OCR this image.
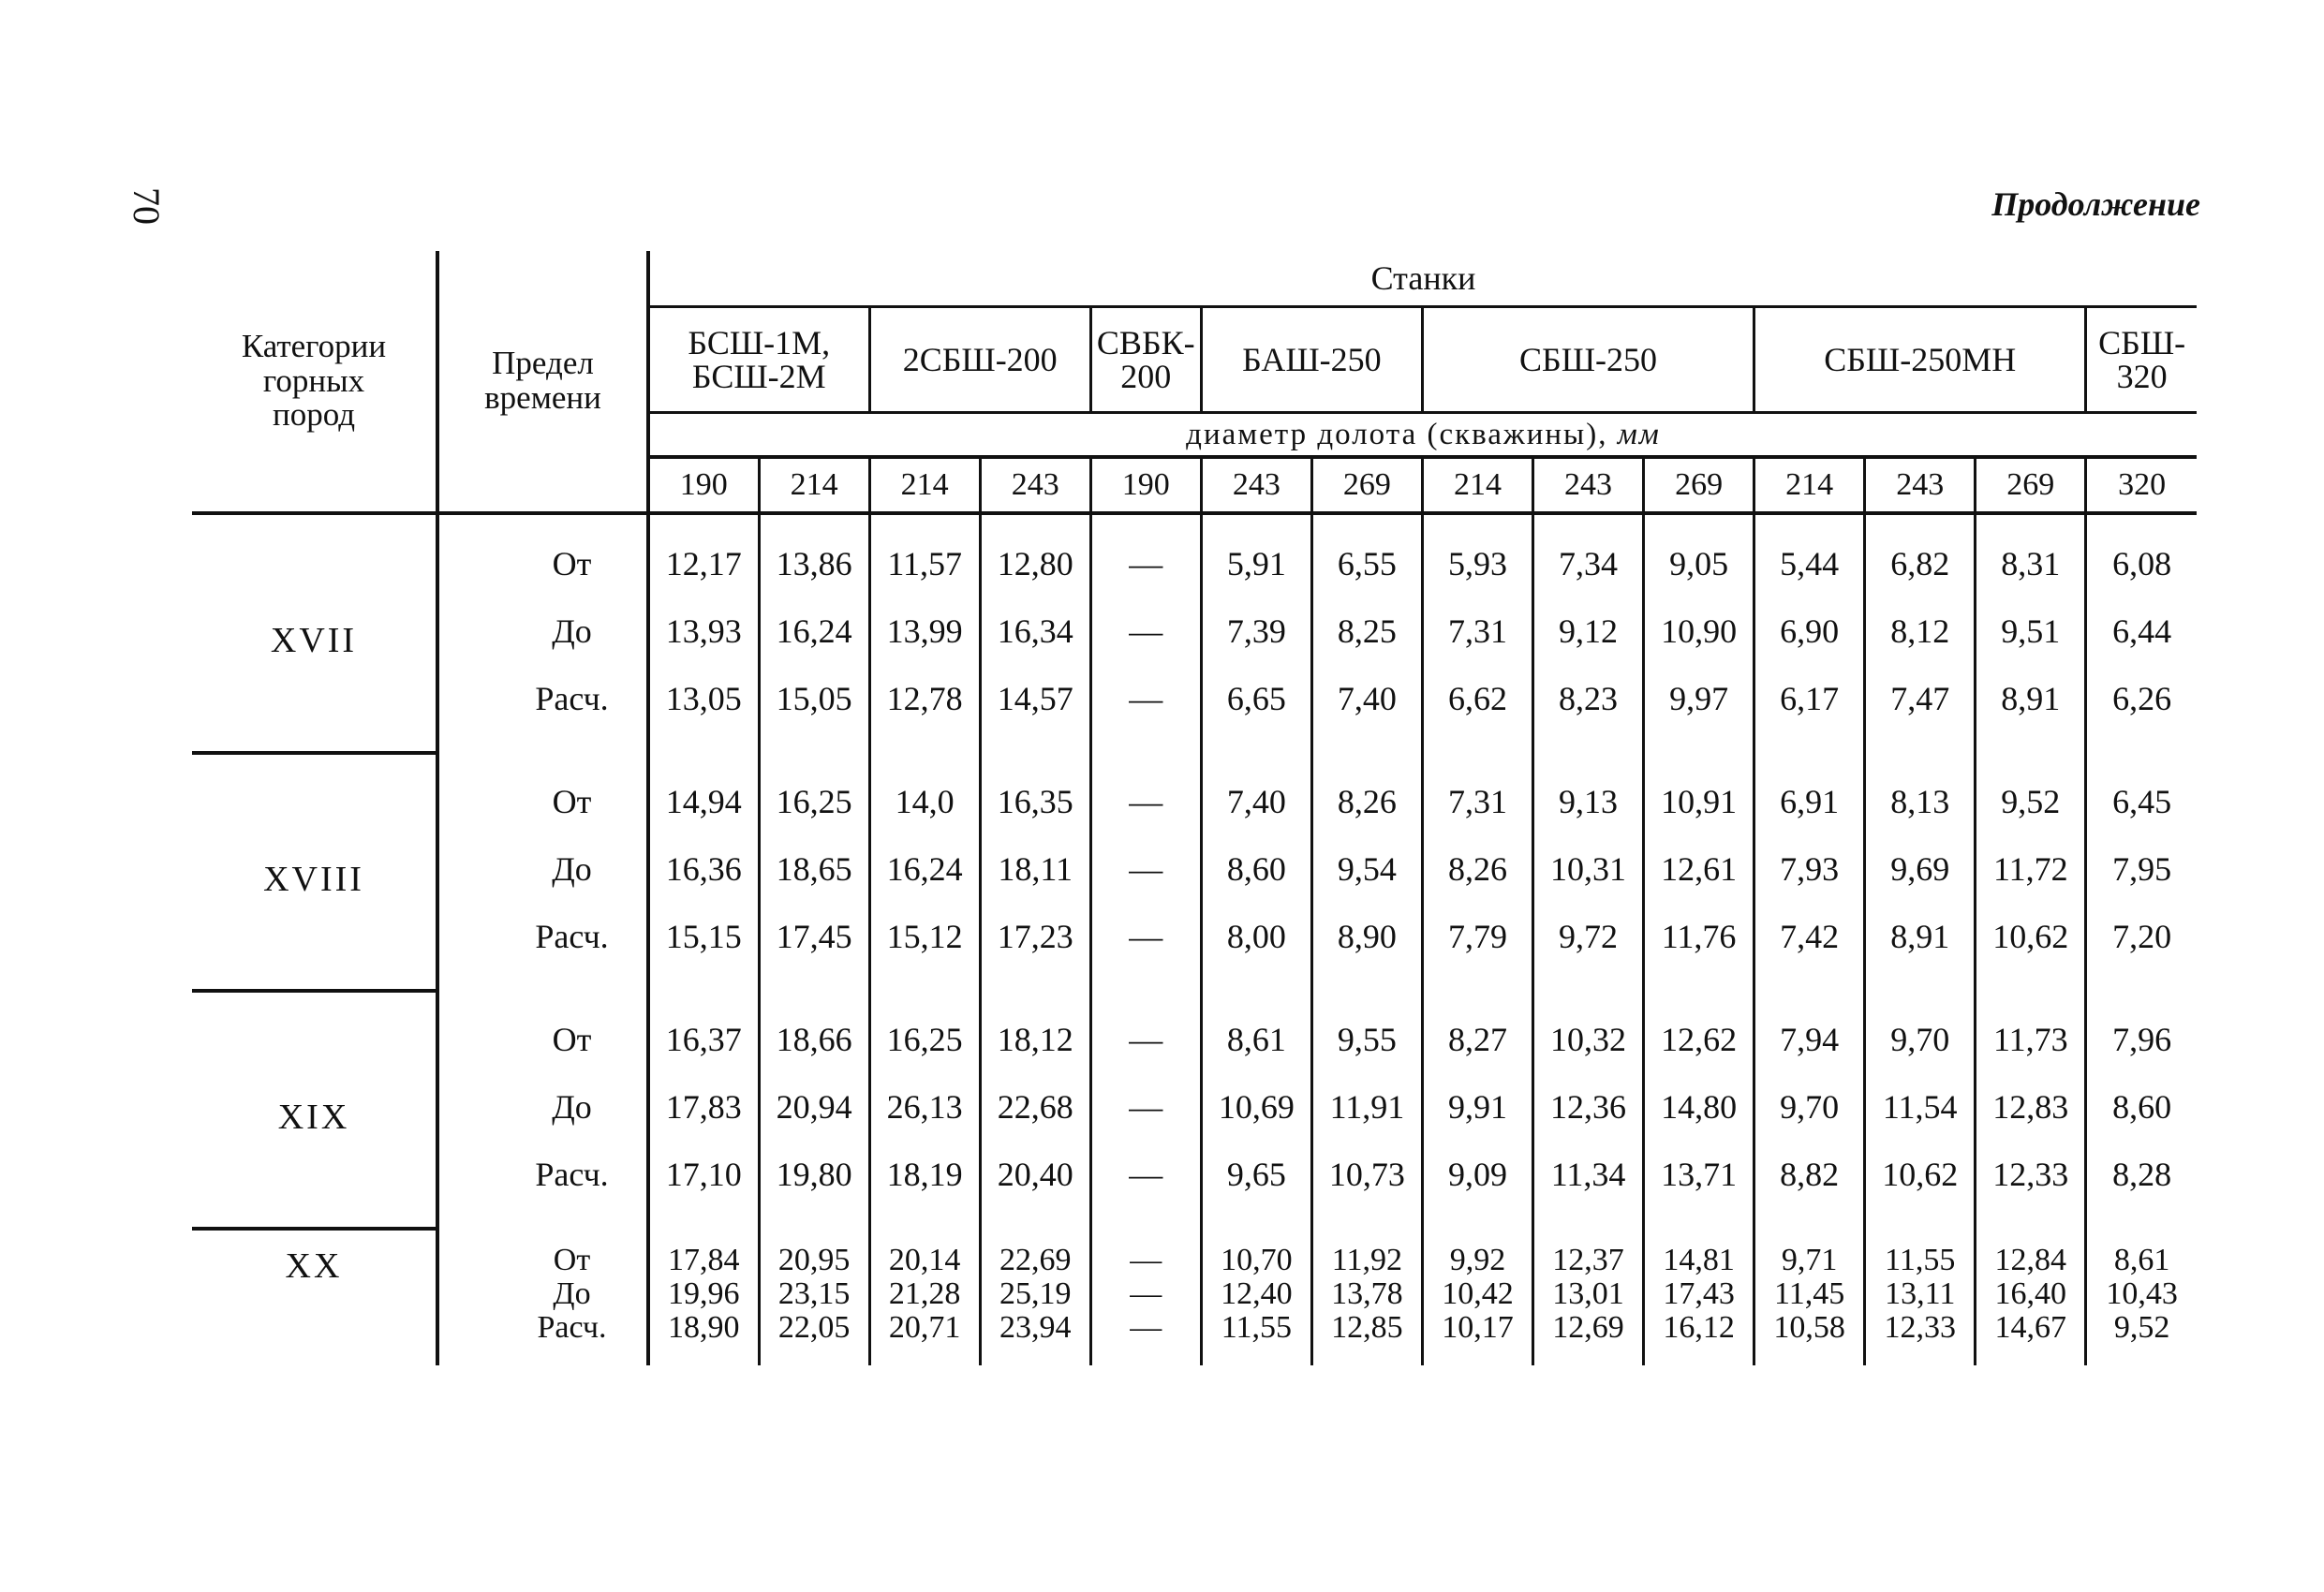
70	Продолжение
Категории
горных
пород	Предел
времени	Станки													
		БСШ-1М,
БСШ-2М		2СБШ-200		СВБК-
200	БАШ-250		СБШ-250			СБШ-250МН			СБШ-
320
		диаметр долота (скважины), мм													
		190	214	214	243	190	243	269	214	243	269	214	243	269	320
XVII	От	12,17	13,86	11,57	12,80	—	5,91	6,55	5,93	7,34	9,05	5,44	6,82	8,31	6,08
	До	13,93	16,24	13,99	16,34	—	7,39	8,25	7,31	9,12	10,90	6,90	8,12	9,51	6,44
	Расч.	13,05	15,05	12,78	14,57	—	6,65	7,40	6,62	8,23	9,97	6,17	7,47	8,91	6,26
XVIII	От	14,94	16,25	14,0	16,35	—	7,40	8,26	7,31	9,13	10,91	6,91	8,13	9,52	6,45
	До	16,36	18,65	16,24	18,11	—	8,60	9,54	8,26	10,31	12,61	7,93	9,69	11,72	7,95
	Расч.	15,15	17,45	15,12	17,23	—	8,00	8,90	7,79	9,72	11,76	7,42	8,91	10,62	7,20
XIX	От	16,37	18,66	16,25	18,12	—	8,61	9,55	8,27	10,32	12,62	7,94	9,70	11,73	7,96
	До	17,83	20,94	26,13	22,68	—	10,69	11,91	9,91	12,36	14,80	9,70	11,54	12,83	8,60
	Расч.	17,10	19,80	18,19	20,40	—	9,65	10,73	9,09	11,34	13,71	8,82	10,62	12,33	8,28
XX	От	17,84	20,95	20,14	22,69	—	10,70	11,92	9,92	12,37	14,81	9,71	11,55	12,84	8,61
	До	19,96	23,15	21,28	25,19	—	12,40	13,78	10,42	13,01	17,43	11,45	13,11	16,40	10,43
	Расч.	18,90	22,05	20,71	23,94	—	11,55	12,85	10,17	12,69	16,12	10,58	12,33	14,67	9,52
